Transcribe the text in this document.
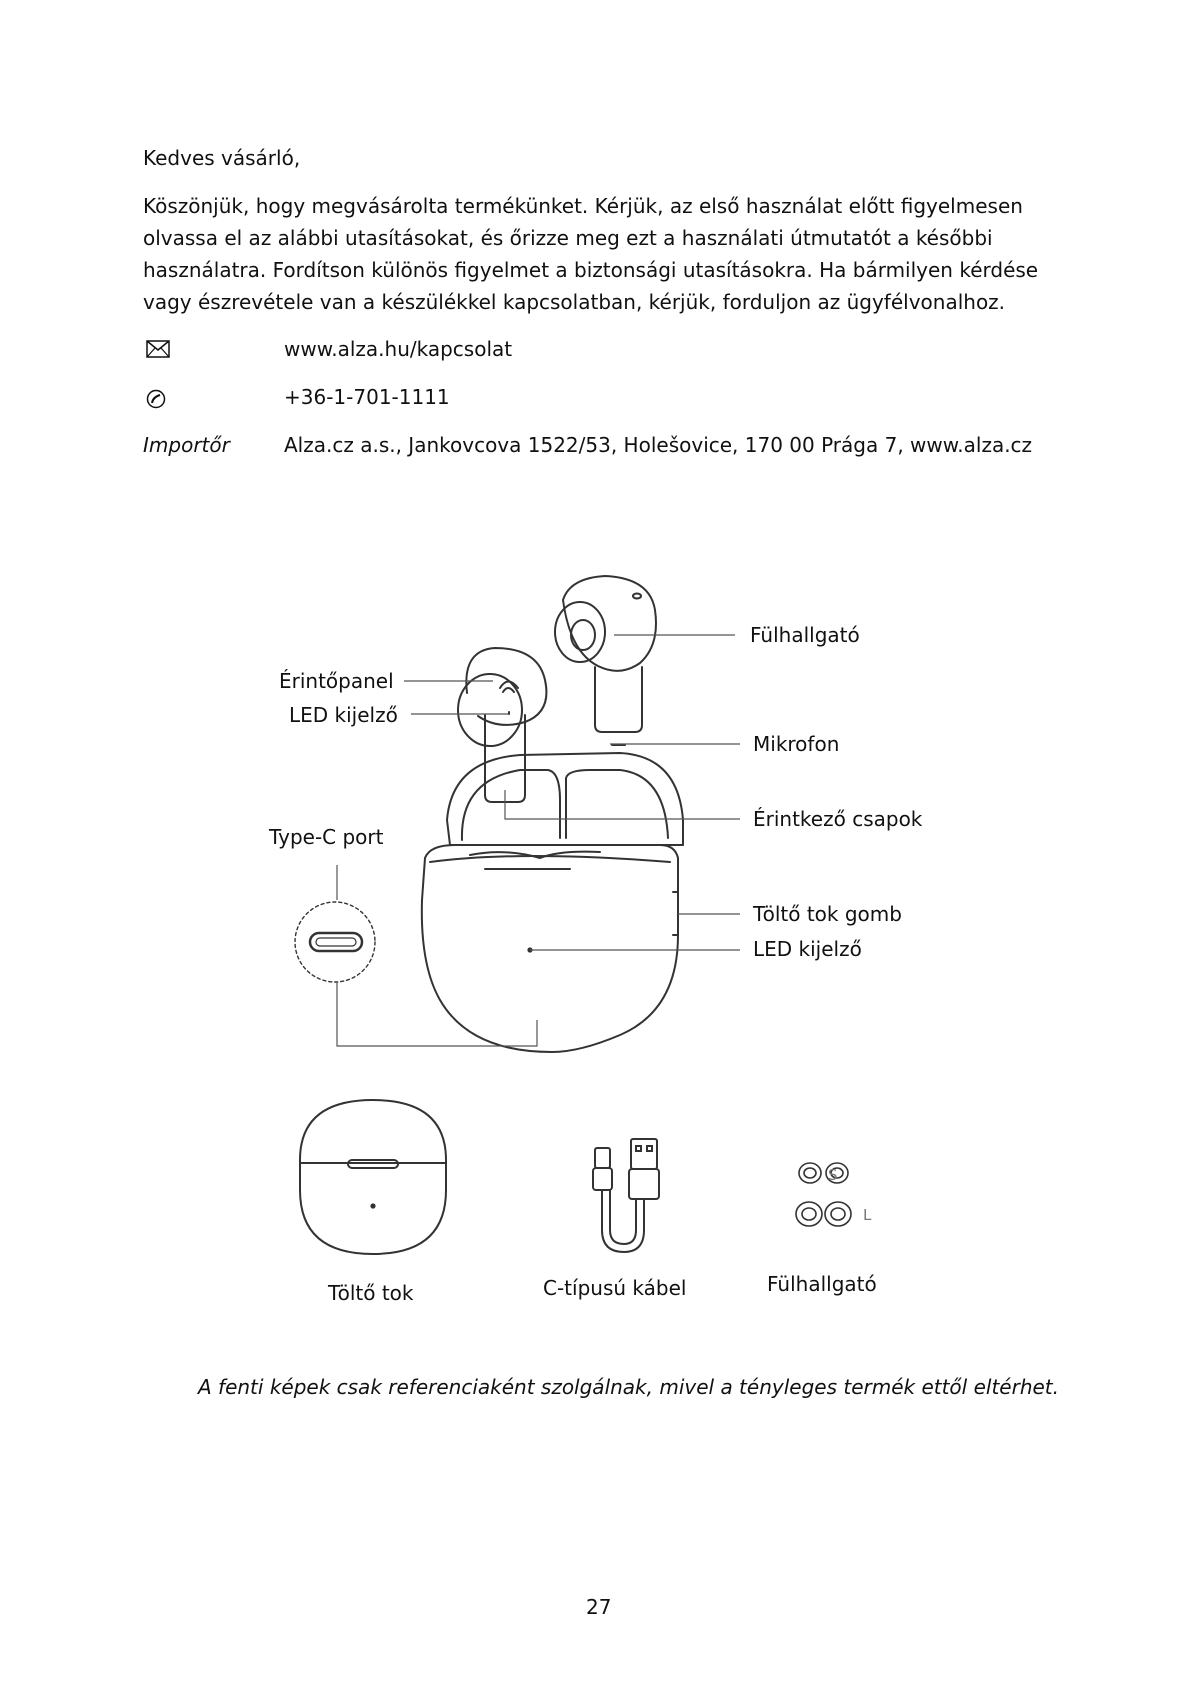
Kedves vásárló,
Köszönjük, hogy megvásárolta termékünket. Kérjük, az első használat előtt figyelmesen
olvassa el az alábbi utasításokat, és őrizze meg ezt a használati útmutatót a későbbi
használatra. Fordítson különös figyelmet a biztonsági utasításokra. Ha bármilyen kérdése
vagy észrevétele van a készülékkel kapcsolatban, kérjük, forduljon az ügyfélvonalhoz.
www.alza.hu/kapcsolat
+36-1-701-1111
Importőr	Alza.cz a.s., Jankovcova 1522/53, Holešovice, 170 00 Prága 7, www.alza.cz
Fülhallgató
Érintőpanel
LED kijelző
Mikrofon
Érintkező csapok
Type-C port
Töltő tok gomb
LED kijelző
S
L
Töltő tok	C-típusú kábel	Fülhallgató
A fenti képek csak referenciaként szolgálnak, mivel a tényleges termék ettől eltérhet.
27
